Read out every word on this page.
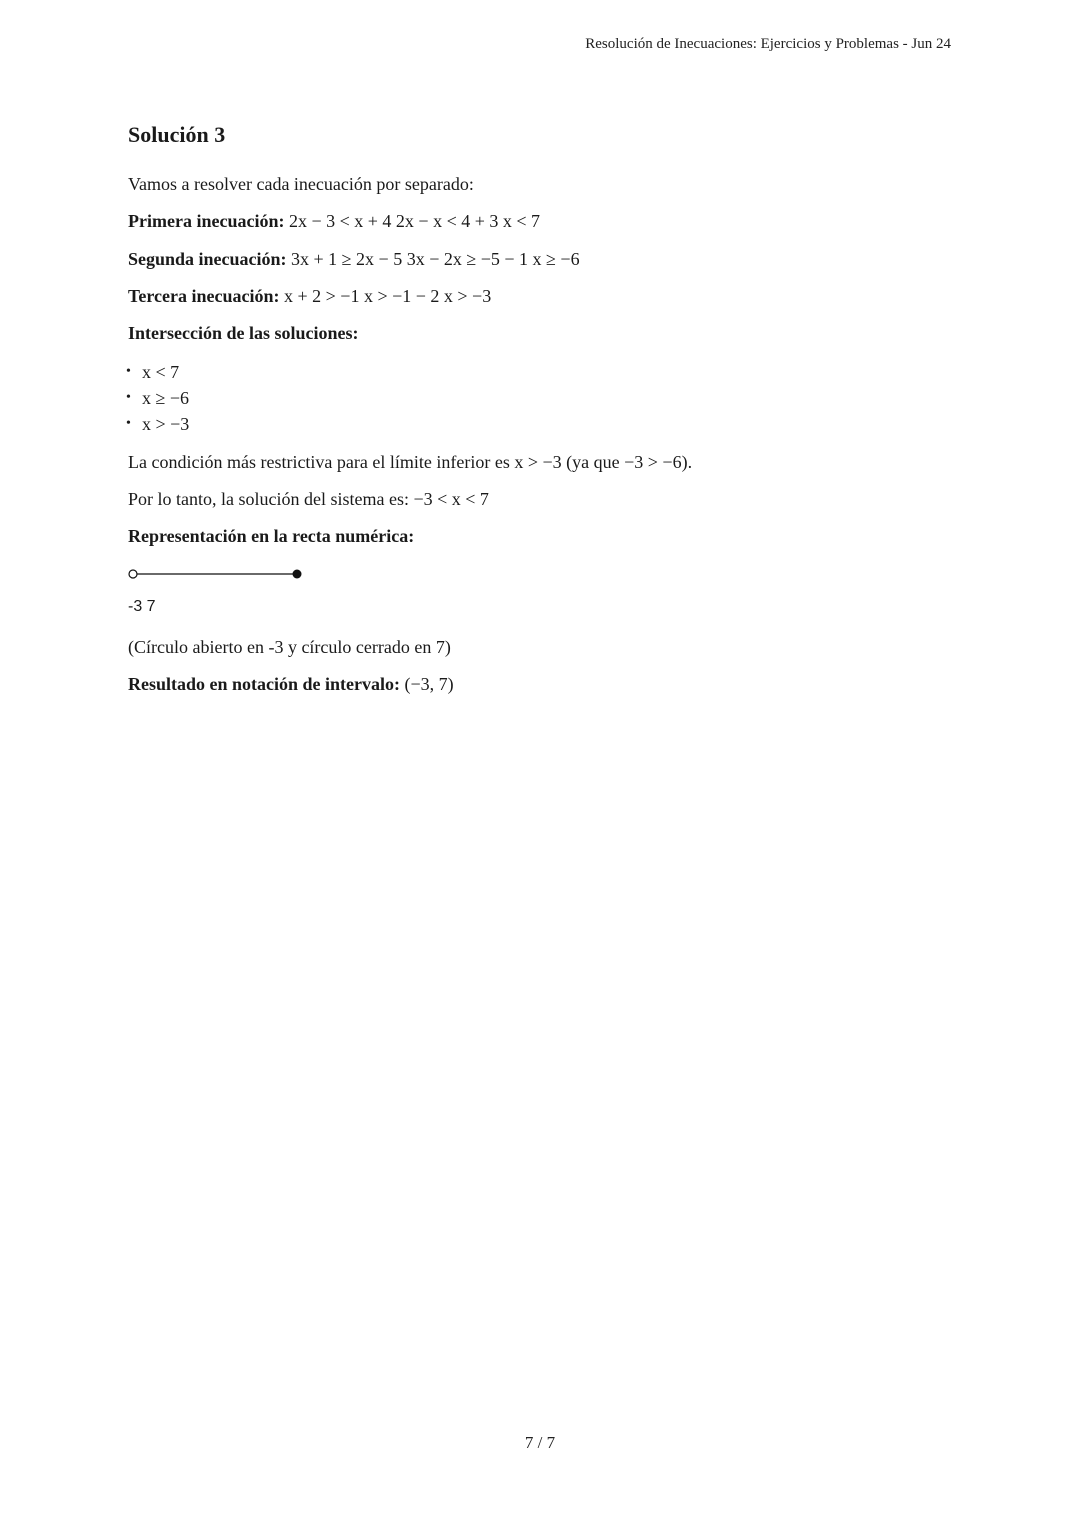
Resolución de Inecuaciones: Ejercicios y Problemas - Jun 24
Solución 3
Vamos a resolver cada inecuación por separado:
Primera inecuación: 2x − 3 < x + 4 2x − x < 4 + 3 x < 7
Segunda inecuación: 3x + 1 ≥ 2x − 5 3x − 2x ≥ −5 − 1 x ≥ −6
Tercera inecuación: x + 2 > −1 x > −1 − 2 x > −3
Intersección de las soluciones:
• x < 7
• x ≥ −6
• x > −3
La condición más restrictiva para el límite inferior es x > −3 (ya que −3 > −6).
Por lo tanto, la solución del sistema es: −3 < x < 7
Representación en la recta numérica:
-3 7
(Círculo abierto en -3 y círculo cerrado en 7)
Resultado en notación de intervalo: (−3, 7)
7 / 7
